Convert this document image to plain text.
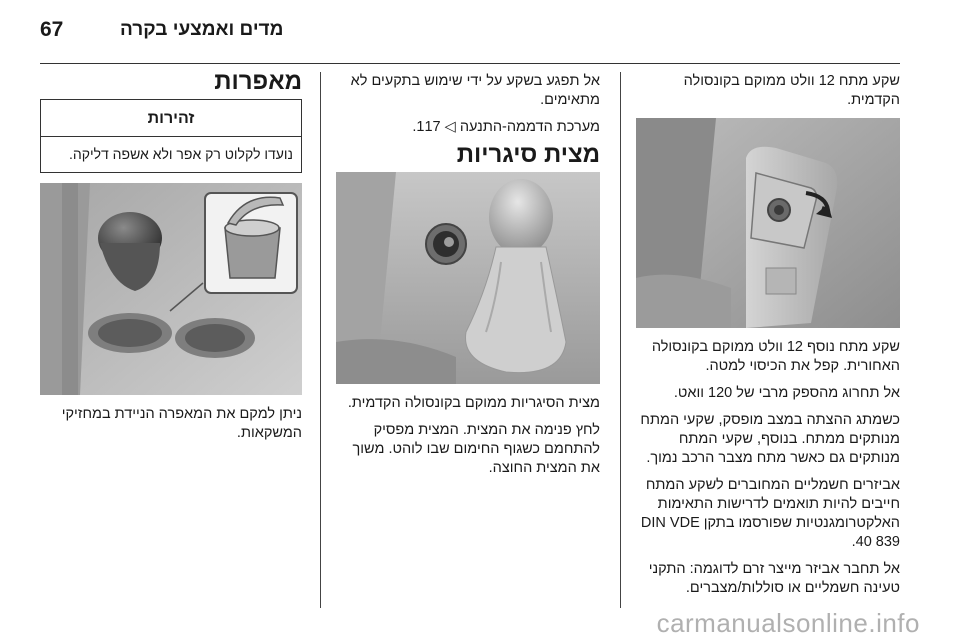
67	מדים ואמצעי בקרה

שקע מתח 12 וולט ממוקם בקונסולה הקדמית.

שקע מתח נוסף 12 וולט ממוקם בקונסולה האחורית. קפל את הכיסוי למטה.

אל תחרוג מהספק מרבי של 120 וואט.

כשמתג ההצתה במצב מופסק, שקעי המתח מנותקים ממתח. בנוסף, שקעי המתח מנותקים גם כאשר מתח מצבר הרכב נמוך.

אביזרים חשמליים המחוברים לשקע המתח חייבים להיות תואמים לדרישות התאימות האלקטרומגנטיות שפורסמו בתקן DIN VDE 40 839.

אל תחבר אביזר מייצר זרם לדוגמה: התקני טעינה חשמליים או סוללות/מצברים.

אל תפגע בשקע על ידי שימוש בתקעים לא מתאימים.

מערכת הדממה-התנעה ◁ 117.

מצית סיגריות

מצית הסיגריות ממוקם בקונסולה הקדמית.

לחץ פנימה את המצית. המצית מפסיק להתחמם כשגוף החימום שבו לוהט. משוך את המצית החוצה.

מאפרות
זהירות
נועדו לקלוט רק אפר ולא אשפה דליקה.

ניתן למקם את המאפרה הניידת במחזיקי המשקאות.

carmanualsonline.info
